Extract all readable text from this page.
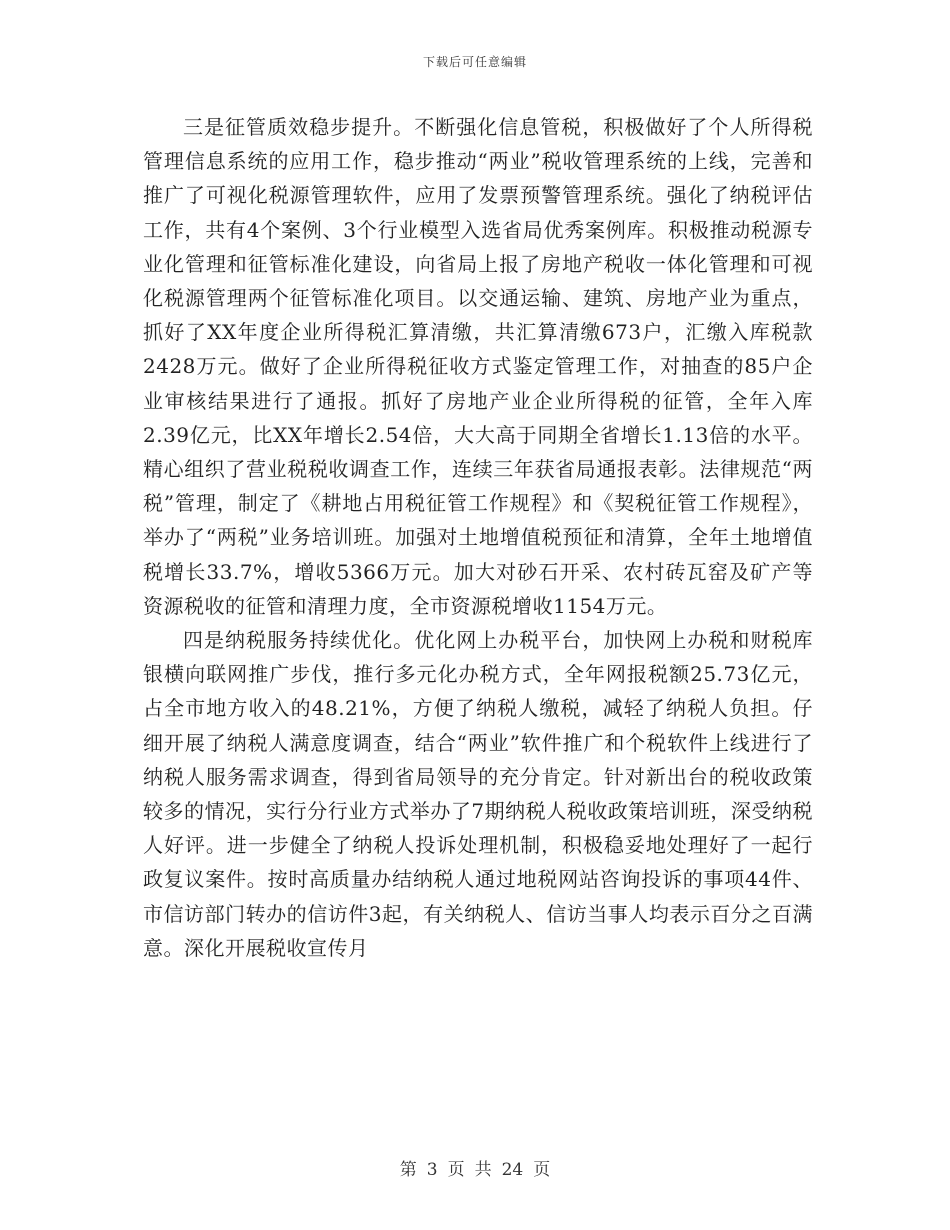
下载后可任意编辑

三是征管质效稳步提升。不断强化信息管税，积极做好了个人所得税管理信息系统的应用工作，稳步推动“两业”税收管理系统的上线，完善和推广了可视化税源管理软件，应用了发票预警管理系统。强化了纳税评估工作，共有4个案例、3个行业模型入选省局优秀案例库。积极推动税源专业化管理和征管标准化建设，向省局上报了房地产税收一体化管理和可视化税源管理两个征管标准化项目。以交通运输、建筑、房地产业为重点，抓好了XX年度企业所得税汇算清缴，共汇算清缴673户，汇缴入库税款2428万元。做好了企业所得税征收方式鉴定管理工作，对抽查的85户企业审核结果进行了通报。抓好了房地产业企业所得税的征管，全年入库2.39亿元，比XX年增长2.54倍，大大高于同期全省增长1.13倍的水平。精心组织了营业税税收调查工作，连续三年获省局通报表彰。法律规范“两税”管理，制定了《耕地占用税征管工作规程》和《契税征管工作规程》，举办了“两税”业务培训班。加强对土地增值税预征和清算，全年土地增值税增长33.7%，增收5366万元。加大对砂石开采、农村砖瓦窑及矿产等资源税收的征管和清理力度，全市资源税增收1154万元。

四是纳税服务持续优化。优化网上办税平台，加快网上办税和财税库银横向联网推广步伐，推行多元化办税方式，全年网报税额25.73亿元，占全市地方收入的48.21%，方便了纳税人缴税，减轻了纳税人负担。仔细开展了纳税人满意度调查，结合“两业”软件推广和个税软件上线进行了纳税人服务需求调查，得到省局领导的充分肯定。针对新出台的税收政策较多的情况，实行分行业方式举办了7期纳税人税收政策培训班，深受纳税人好评。进一步健全了纳税人投诉处理机制，积极稳妥地处理好了一起行政复议案件。按时高质量办结纳税人通过地税网站咨询投诉的事项44件、市信访部门转办的信访件3起，有关纳税人、信访当事人均表示百分之百满意。深化开展税收宣传月

第 3 页 共 24 页
